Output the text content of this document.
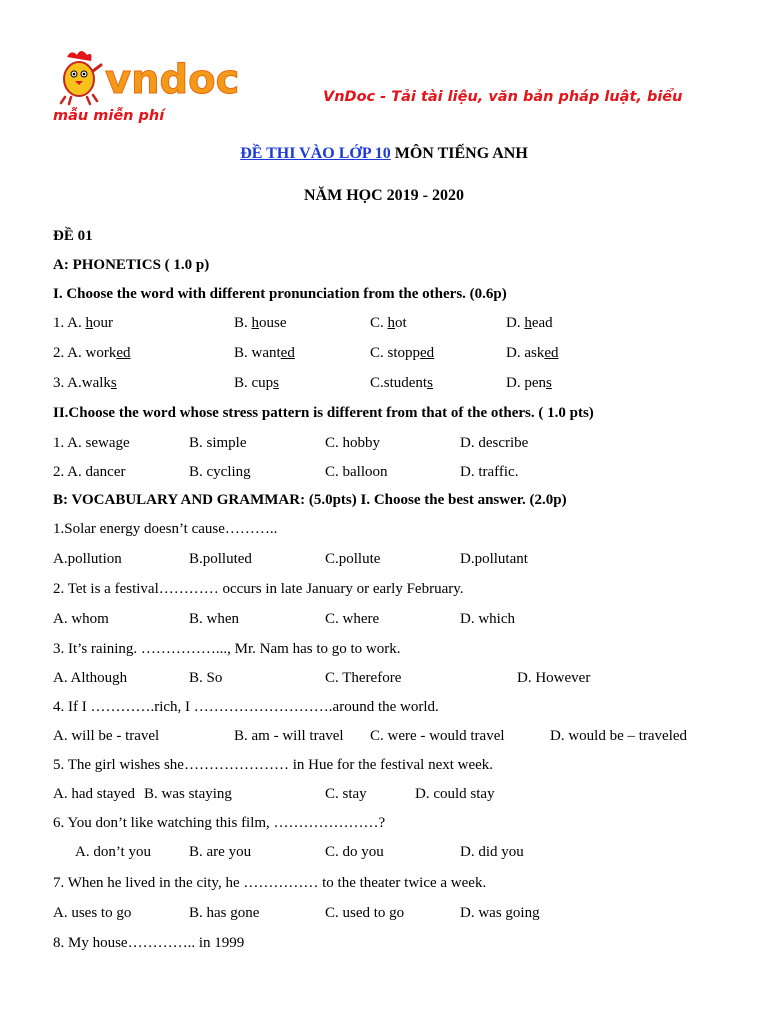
vndoc	VnDoc - Tải tài liệu, văn bản pháp luật, biểu
mẫu miễn phí
ĐỀ THI VÀO LỚP 10 MÔN TIẾNG ANH
NĂM HỌC 2019 - 2020
ĐỀ 01
A: PHONETICS ( 1.0 p)
I. Choose the word with different pronunciation from the others. (0.6p)
1. A. hour	B. house	C. hot	D. head
2. A. worked	B. wanted	C. stopped	D. asked
3. A.walks	B. cups	C.students	D. pens
II.Choose the word whose stress pattern is different from that of the others. ( 1.0 pts)
1. A. sewage	B. simple	C. hobby	D. describe
2. A. dancer	B. cycling	C. balloon	D. traffic.
B: VOCABULARY AND GRAMMAR: (5.0pts) I. Choose the best answer. (2.0p)
1.Solar energy doesn’t cause………..
A.pollution	B.polluted	C.pollute	D.pollutant
2. Tet is a festival………… occurs in late January or early February.
A. whom	B. when	C. where	D. which
3. It’s raining. ……………..., Mr. Nam has to go to work.
A. Although	B. So	C. Therefore	D. However
4. If I ………….rich, I ……………………….around the world.
A. will be - travel	B. am - will travel C. were - would travel	D. would be – traveled
5. The girl wishes she………………… in Hue for the festival next week.
A. had stayed B. was staying	C. stay	D. could stay
6. You don’t like watching this film, …………………?
A. don’t you	B. are you	C. do you	D. did you
7. When he lived in the city, he …………… to the theater twice a week.
A. uses to go	B. has gone	C. used to go	D. was going
8. My house………….. in 1999
